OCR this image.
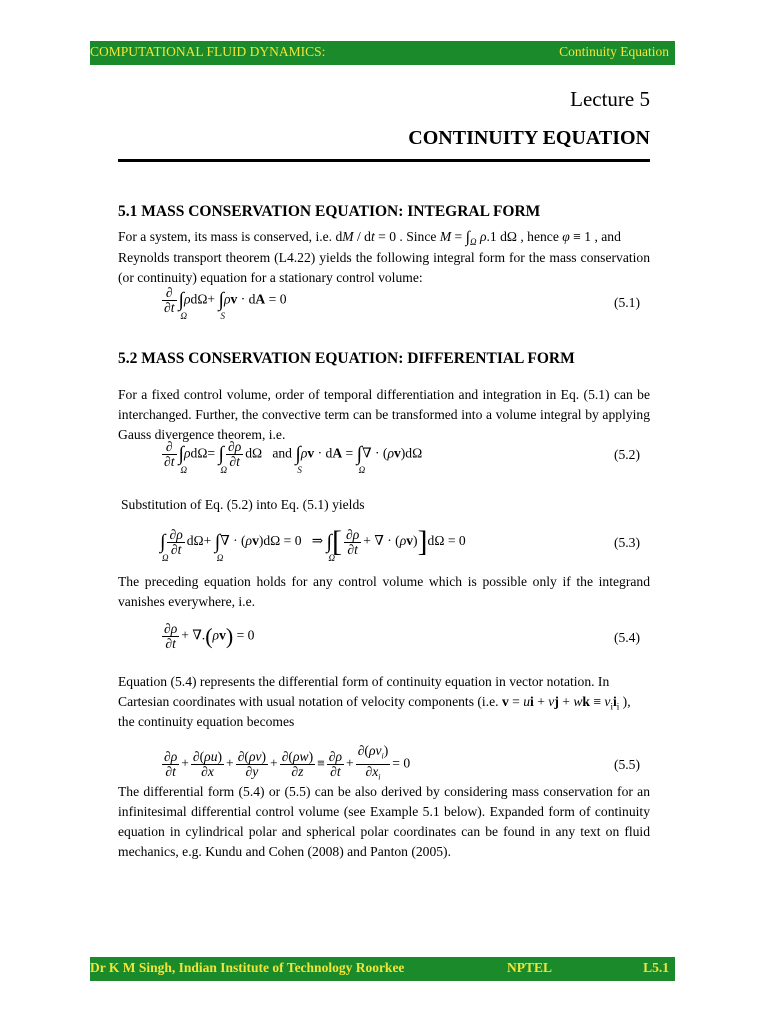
COMPUTATIONAL FLUID DYNAMICS:	Continuity Equation
Lecture 5
CONTINUITY EQUATION
5.1 MASS CONSERVATION EQUATION: INTEGRAL FORM
For a system, its mass is conserved, i.e. dM / dt = 0 . Since $M = \int_\Omega$ ρ.1 dΩ , hence φ ≡ 1 , and
Reynolds transport theorem (L4.22) yields the following integral form for the mass conservation (or continuity) equation for a stationary control volume:
$\frac{\partial}{\partial t}$ ∫
Ω
ρdΩ+ ∫
S
ρv · dA = 0	(5.1)
5.2 MASS CONSERVATION EQUATION: DIFFERENTIAL FORM
For a fixed control volume, order of temporal differentiation and integration in Eq. (5.1) can be interchanged. Further, the convective term can be transformed into a volume integral by applying Gauss divergence theorem, i.e.
$\frac{\partial}{\partial t}$ ∫
Ω
ρdΩ= ∫
Ω
$\frac{\partial\rho}{\partial t}$ dΩ   and ∫
S
ρv · dA = ∫
Ω
∇ · (ρv)dΩ	(5.2)
Substitution of Eq. (5.2) into Eq. (5.1) yields
∫
Ω
$\frac{\partial\rho}{\partial t} d\Omega+$ ∫
Ω
∇ · (ρv)dΩ = 0   ⇒ ∫
Ω
[ $\frac{\partial\rho}{\partial t}$ + ∇ · (ρv)]dΩ = 0	(5.3)
The preceding equation holds for any control volume which is possible only if the integrand vanishes everywhere, i.e.
$\frac{\partial\rho}{\partial t} + \nabla.(\rho v) = 0$	(5.4)
Equation (5.4) represents the differential form of continuity equation in vector notation. In
Cartesian coordinates with usual notation of velocity components (i.e. v = ui + vj + wk ≡ $v_ii_i$ ),
the continuity equation becomes
$\frac{\partial\rho}{\partial t} + \frac{\partial(\rho u)}{\partial x} + \frac{\partial(\rho v)}{\partial y} + \frac{\partial(\rho w)}{\partial z} \equiv \frac{\partial\rho}{\partial t} + \frac{\partial(\rho v_i)}{\partial x_i} = 0$	(5.5)
The differential form (5.4) or (5.5) can be also derived by considering mass conservation for an infinitesimal differential control volume (see Example 5.1 below). Expanded form of continuity equation in cylindrical polar and spherical polar coordinates can be found in any text on fluid mechanics, e.g. Kundu and Cohen (2008) and Panton (2005).
Dr K M Singh, Indian Institute of Technology Roorkee	NPTEL	L5.1
